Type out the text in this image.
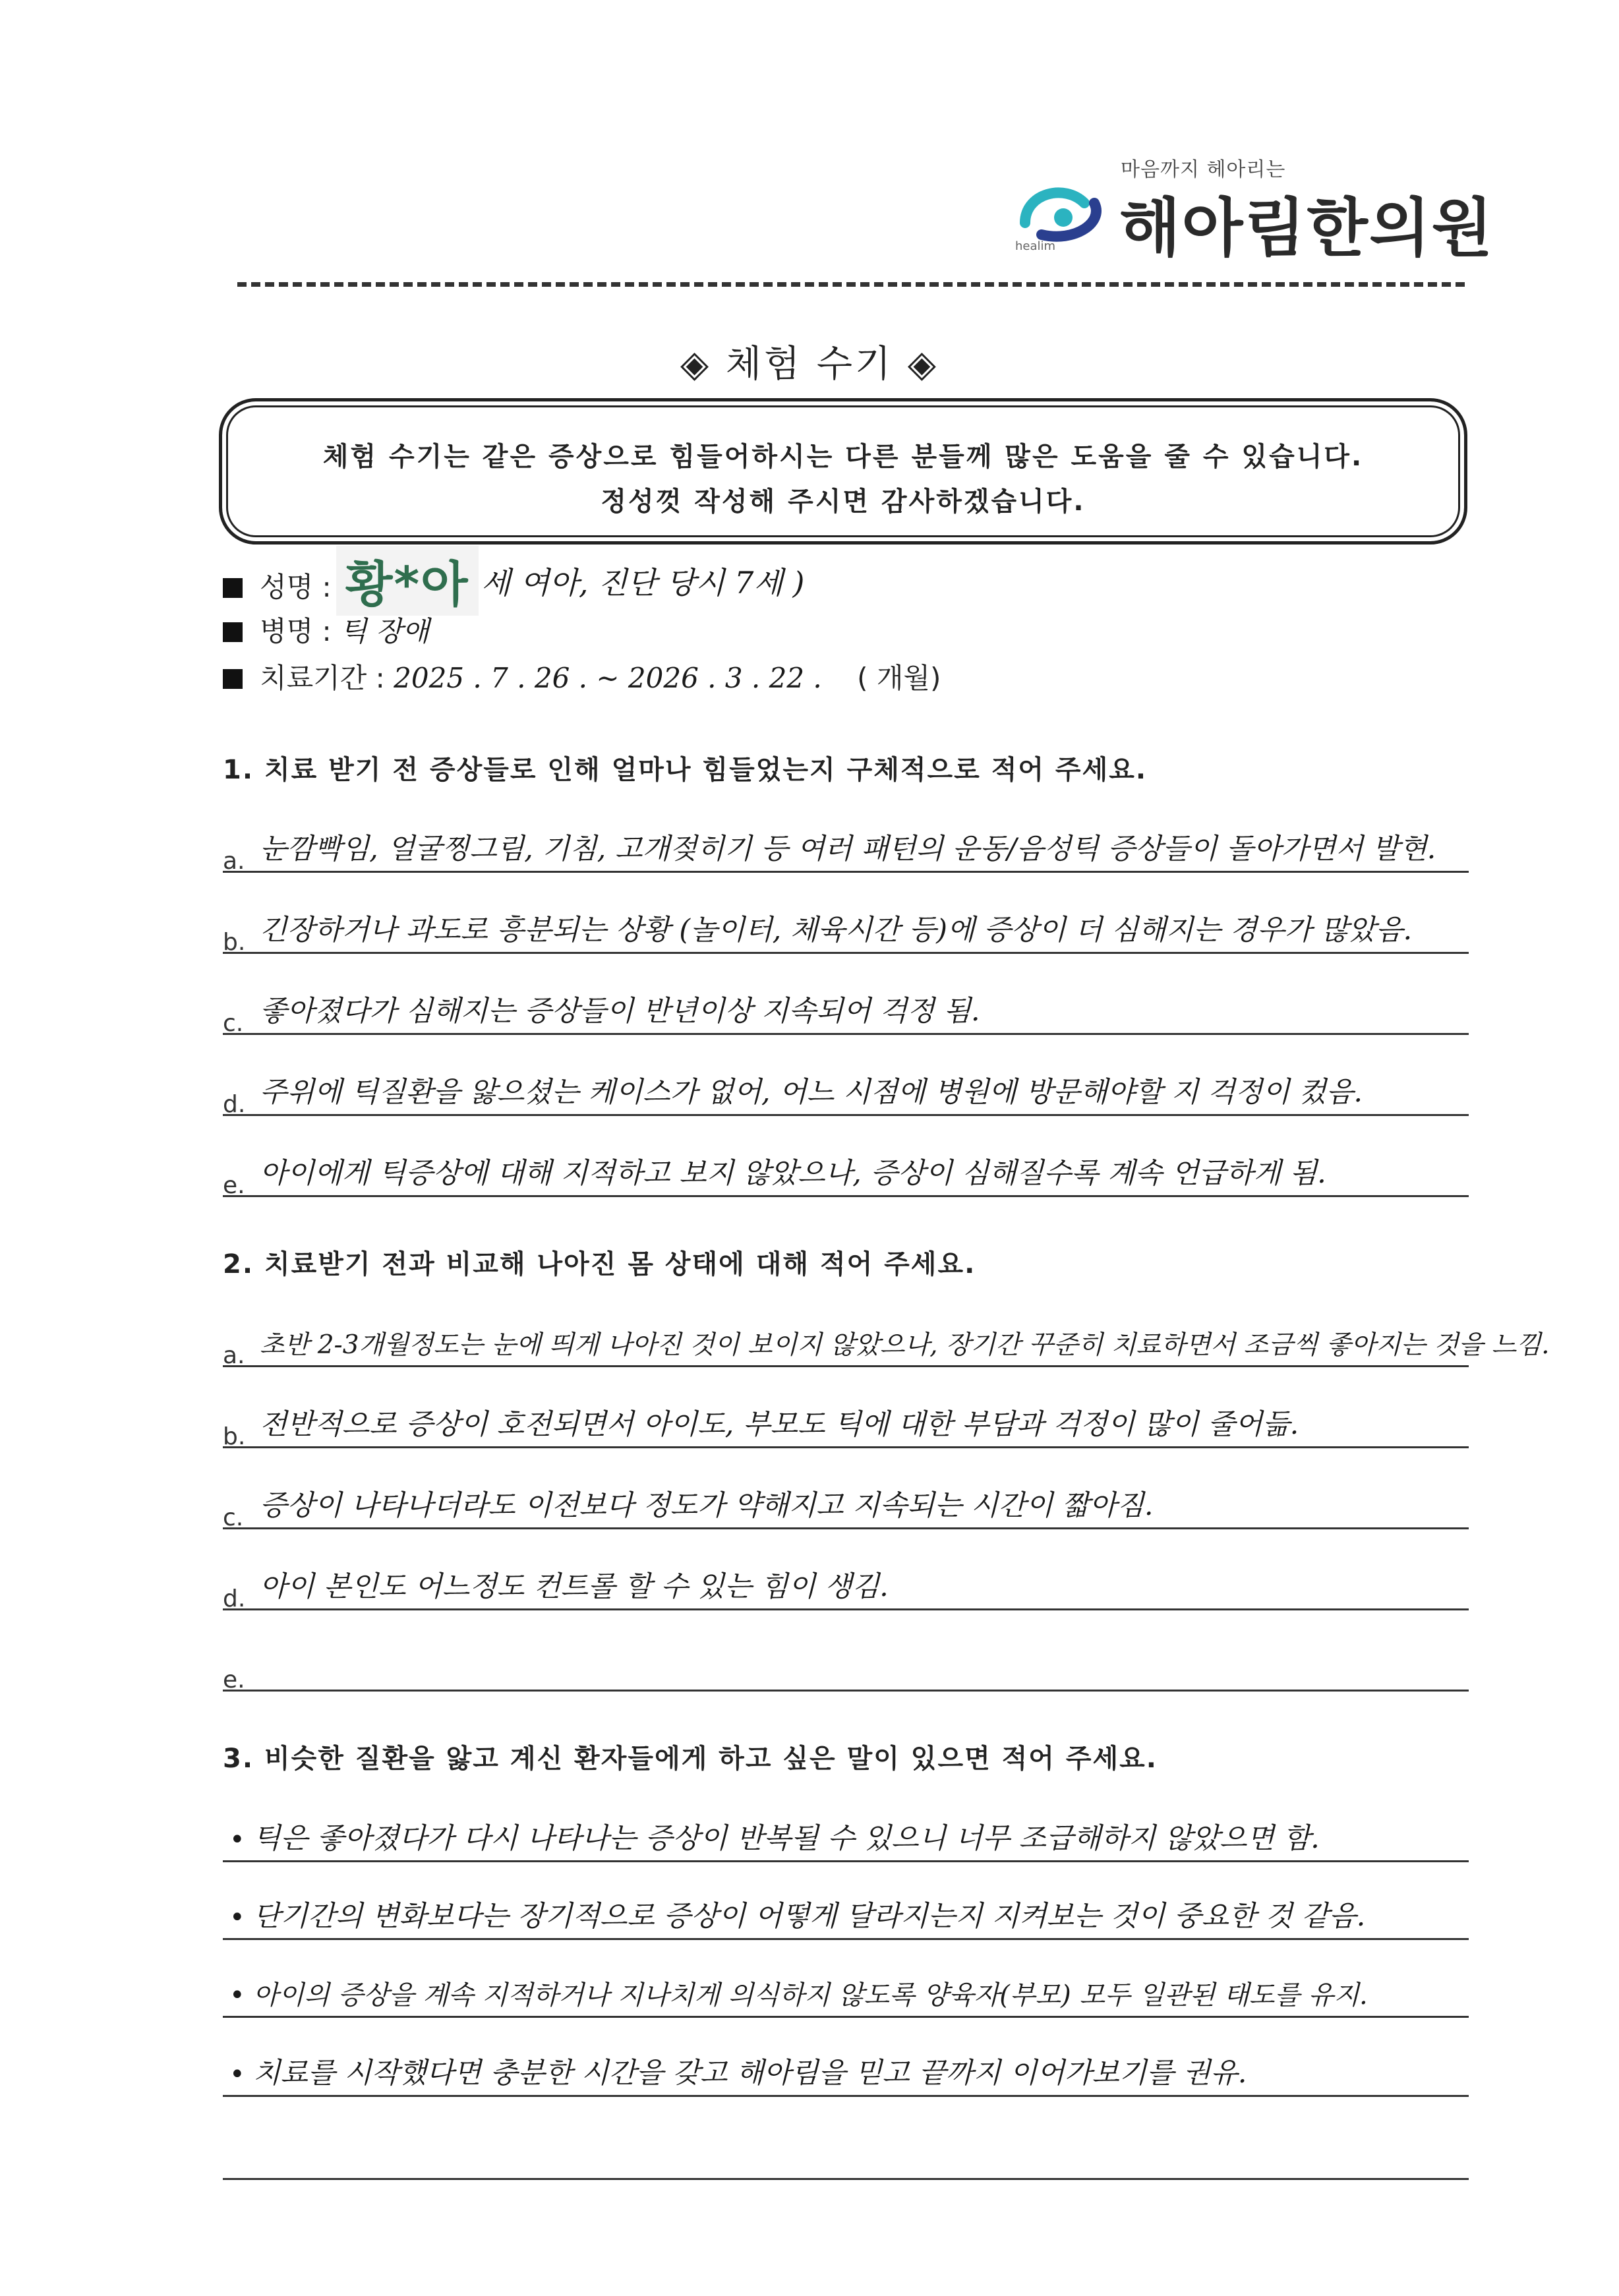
마음까지 헤아리는
healim 해아림한의원
◈ 체험 수기 ◈
체험 수기는 같은 증상으로 힘들어하시는 다른 분들께 많은 도움을 줄 수 있습니다.
정성껏 작성해 주시면 감사하겠습니다.
성명 : 황*아 세 여아, 진단 당시 7세 )
병명 : 틱 장애
치료기간 : 2025 . 7 . 26 . ~ 2026 . 3 . 22 . ( 개월)
1. 치료 받기 전 증상들로 인해 얼마나 힘들었는지 구체적으로 적어 주세요.
a. 눈깜빡임, 얼굴찡그림, 기침, 고개젖히기 등 여러 패턴의 운동/음성틱 증상들이 돌아가면서 발현.
b. 긴장하거나 과도로 흥분되는 상황 (놀이터, 체육시간 등)에 증상이 더 심해지는 경우가 많았음.
c. 좋아졌다가 심해지는 증상들이 반년이상 지속되어 걱정 됨.
d. 주위에 틱질환을 앓으셨는 케이스가 없어, 어느 시점에 병원에 방문해야할 지 걱정이 컸음.
e. 아이에게 틱증상에 대해 지적하고 보지 않았으나, 증상이 심해질수록 계속 언급하게 됨.
2. 치료받기 전과 비교해 나아진 몸 상태에 대해 적어 주세요.
a. 초반 2-3개월정도는 눈에 띄게 나아진 것이 보이지 않았으나, 장기간 꾸준히 치료하면서 조금씩 좋아지는 것을 느낌.
b. 전반적으로 증상이 호전되면서 아이도, 부모도 틱에 대한 부담과 걱정이 많이 줄어듦.
c. 증상이 나타나더라도 이전보다 정도가 약해지고 지속되는 시간이 짧아짐.
d. 아이 본인도 어느정도 컨트롤 할 수 있는 힘이 생김.
e.
3. 비슷한 질환을 앓고 계신 환자들에게 하고 싶은 말이 있으면 적어 주세요.
• 틱은 좋아졌다가 다시 나타나는 증상이 반복될 수 있으니 너무 조급해하지 않았으면 함.
• 단기간의 변화보다는 장기적으로 증상이 어떻게 달라지는지 지켜보는 것이 중요한 것 같음.
• 아이의 증상을 계속 지적하거나 지나치게 의식하지 않도록 양육자(부모) 모두 일관된 태도를 유지.
• 치료를 시작했다면 충분한 시간을 갖고 해아림을 믿고 끝까지 이어가보기를 권유.
